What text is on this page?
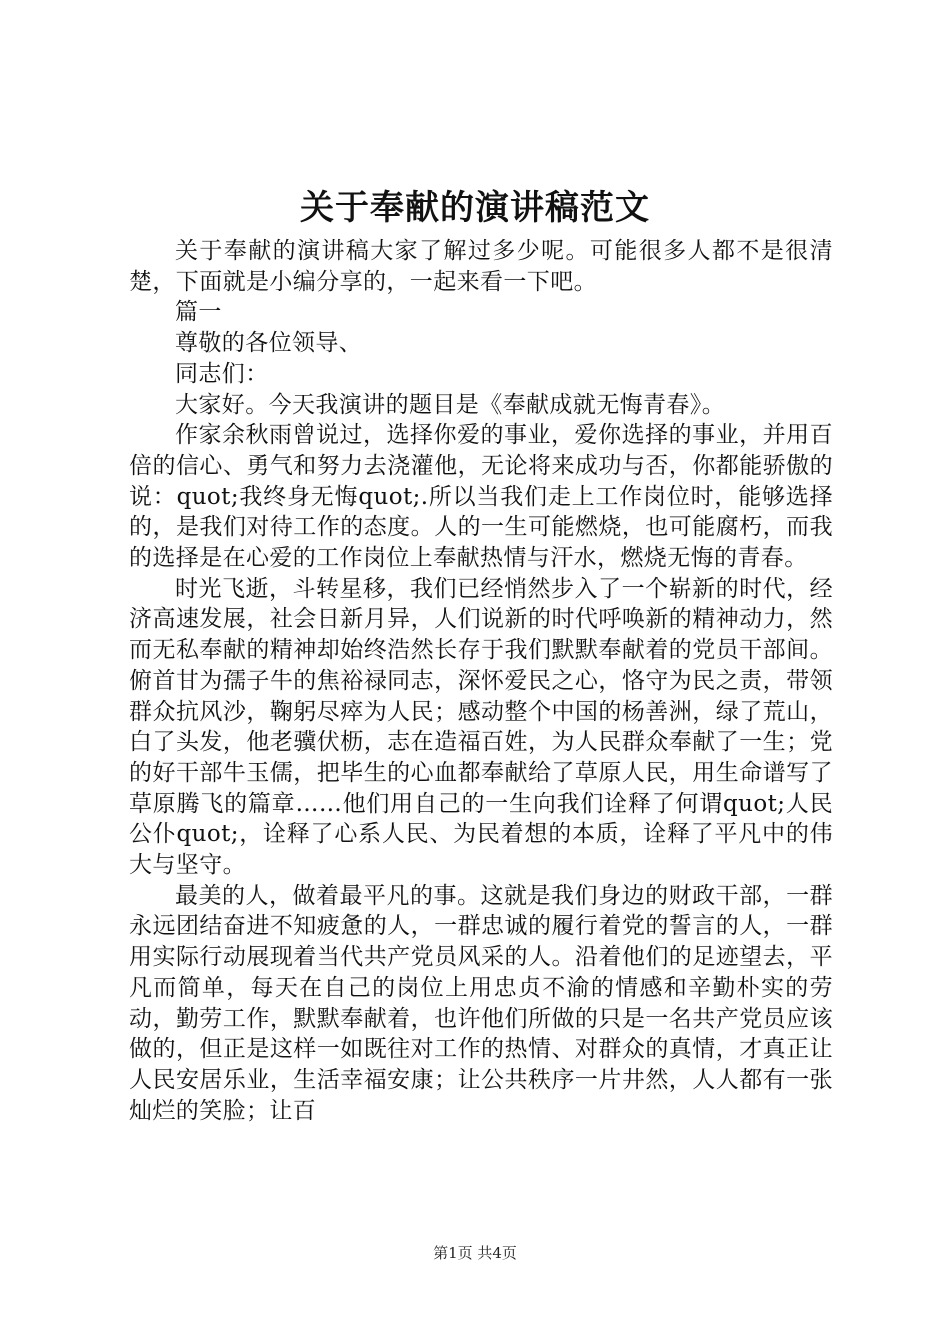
关于奉献的演讲稿范文

关于奉献的演讲稿大家了解过多少呢。可能很多人都不是很清楚，下面就是小编分享的，一起来看一下吧。

篇一

尊敬的各位领导、

同志们：

大家好。今天我演讲的题目是《奉献成就无悔青春》。

作家余秋雨曾说过，选择你爱的事业，爱你选择的事业，并用百倍的信心、勇气和努力去浇灌他，无论将来成功与否，你都能骄傲的说：quot;我终身无悔quot;.所以当我们走上工作岗位时，能够选择的，是我们对待工作的态度。人的一生可能燃烧，也可能腐朽，而我的选择是在心爱的工作岗位上奉献热情与汗水，燃烧无悔的青春。

时光飞逝，斗转星移，我们已经悄然步入了一个崭新的时代，经济高速发展，社会日新月异，人们说新的时代呼唤新的精神动力，然而无私奉献的精神却始终浩然长存于我们默默奉献着的党员干部间。俯首甘为孺子牛的焦裕禄同志，深怀爱民之心，恪守为民之责，带领群众抗风沙，鞠躬尽瘁为人民；感动整个中国的杨善洲，绿了荒山，白了头发，他老骥伏枥，志在造福百姓，为人民群众奉献了一生；党的好干部牛玉儒，把毕生的心血都奉献给了草原人民，用生命谱写了草原腾飞的篇章……他们用自己的一生向我们诠释了何谓quot;人民公仆quot;，诠释了心系人民、为民着想的本质，诠释了平凡中的伟大与坚守。

最美的人，做着最平凡的事。这就是我们身边的财政干部，一群永远团结奋进不知疲惫的人，一群忠诚的履行着党的誓言的人，一群用实际行动展现着当代共产党员风采的人。沿着他们的足迹望去，平凡而简单，每天在自己的岗位上用忠贞不渝的情感和辛勤朴实的劳动，勤劳工作，默默奉献着，也许他们所做的只是一名共产党员应该做的，但正是这样一如既往对工作的热情、对群众的真情，才真正让人民安居乐业，生活幸福安康；让公共秩序一片井然，人人都有一张灿烂的笑脸；让百

第1页 共4页
